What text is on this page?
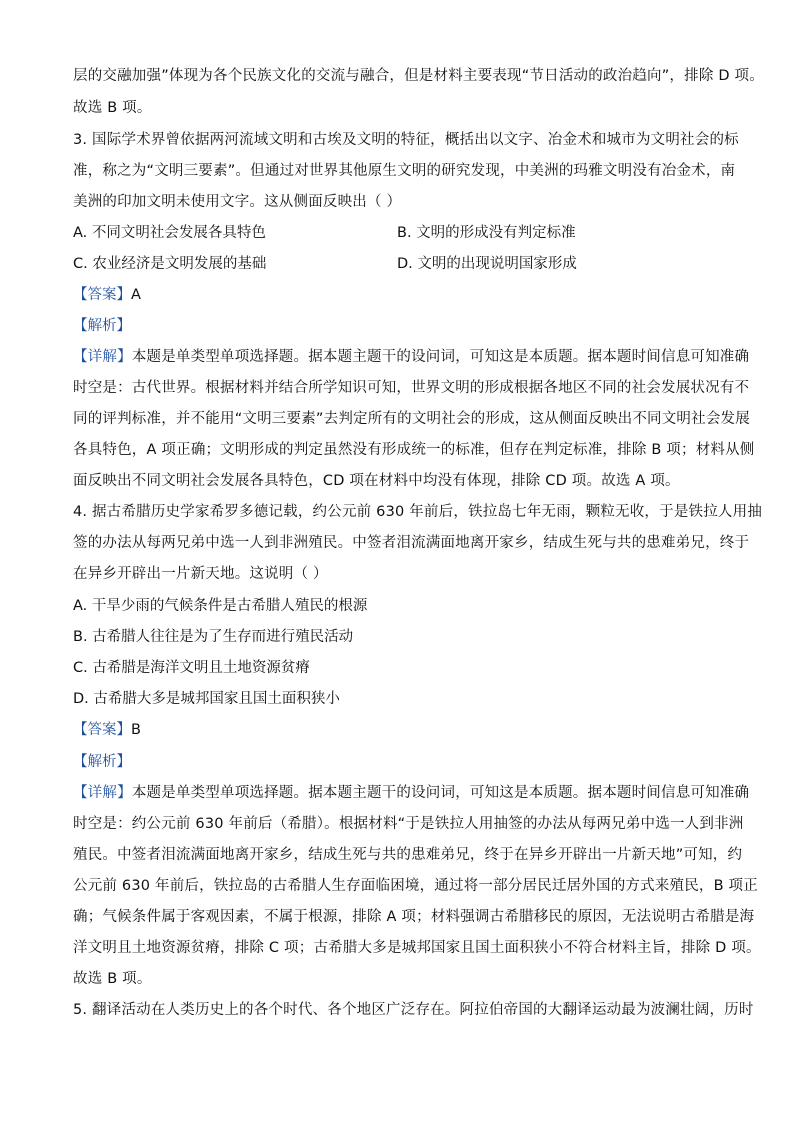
层的交融加强”体现为各个民族文化的交流与融合，但是材料主要表现“节日活动的政治趋向”，排除 D 项。
故选 B 项。
3. 国际学术界曾依据两河流域文明和古埃及文明的特征，概括出以文字、冶金术和城市为文明社会的标
准，称之为“文明三要素”。但通过对世界其他原生文明的研究发现，中美洲的玛雅文明没有冶金术，南
美洲的印加文明未使用文字。这从侧面反映出（ ）
A. 不同文明社会发展各具特色	B. 文明的形成没有判定标准
C. 农业经济是文明发展的基础	D. 文明的出现说明国家形成
【答案】A
【解析】
【详解】本题是单类型单项选择题。据本题主题干的设问词，可知这是本质题。据本题时间信息可知准确
时空是：古代世界。根据材料并结合所学知识可知，世界文明的形成根据各地区不同的社会发展状况有不
同的评判标准，并不能用“文明三要素”去判定所有的文明社会的形成，这从侧面反映出不同文明社会发展
各具特色，A 项正确；文明形成的判定虽然没有形成统一的标准，但存在判定标准，排除 B 项；材料从侧
面反映出不同文明社会发展各具特色，CD 项在材料中均没有体现，排除 CD 项。故选 A 项。
4. 据古希腊历史学家希罗多德记载，约公元前 630 年前后，铁拉岛七年无雨，颗粒无收，于是铁拉人用抽
签的办法从每两兄弟中选一人到非洲殖民。中签者泪流满面地离开家乡，结成生死与共的患难弟兄，终于
在异乡开辟出一片新天地。这说明（ ）
A. 干旱少雨的气候条件是古希腊人殖民的根源
B. 古希腊人往往是为了生存而进行殖民活动
C. 古希腊是海洋文明且土地资源贫瘠
D. 古希腊大多是城邦国家且国土面积狭小
【答案】B
【解析】
【详解】本题是单类型单项选择题。据本题主题干的设问词，可知这是本质题。据本题时间信息可知准确
时空是：约公元前 630 年前后（希腊）。根据材料“于是铁拉人用抽签的办法从每两兄弟中选一人到非洲
殖民。中签者泪流满面地离开家乡，结成生死与共的患难弟兄，终于在异乡开辟出一片新天地”可知，约
公元前 630 年前后，铁拉岛的古希腊人生存面临困境，通过将一部分居民迁居外国的方式来殖民，B 项正
确；气候条件属于客观因素，不属于根源，排除 A 项；材料强调古希腊移民的原因，无法说明古希腊是海
洋文明且土地资源贫瘠，排除 C 项；古希腊大多是城邦国家且国土面积狭小不符合材料主旨，排除 D 项。
故选 B 项。
5. 翻译活动在人类历史上的各个时代、各个地区广泛存在。阿拉伯帝国的大翻译运动最为波澜壮阔，历时
